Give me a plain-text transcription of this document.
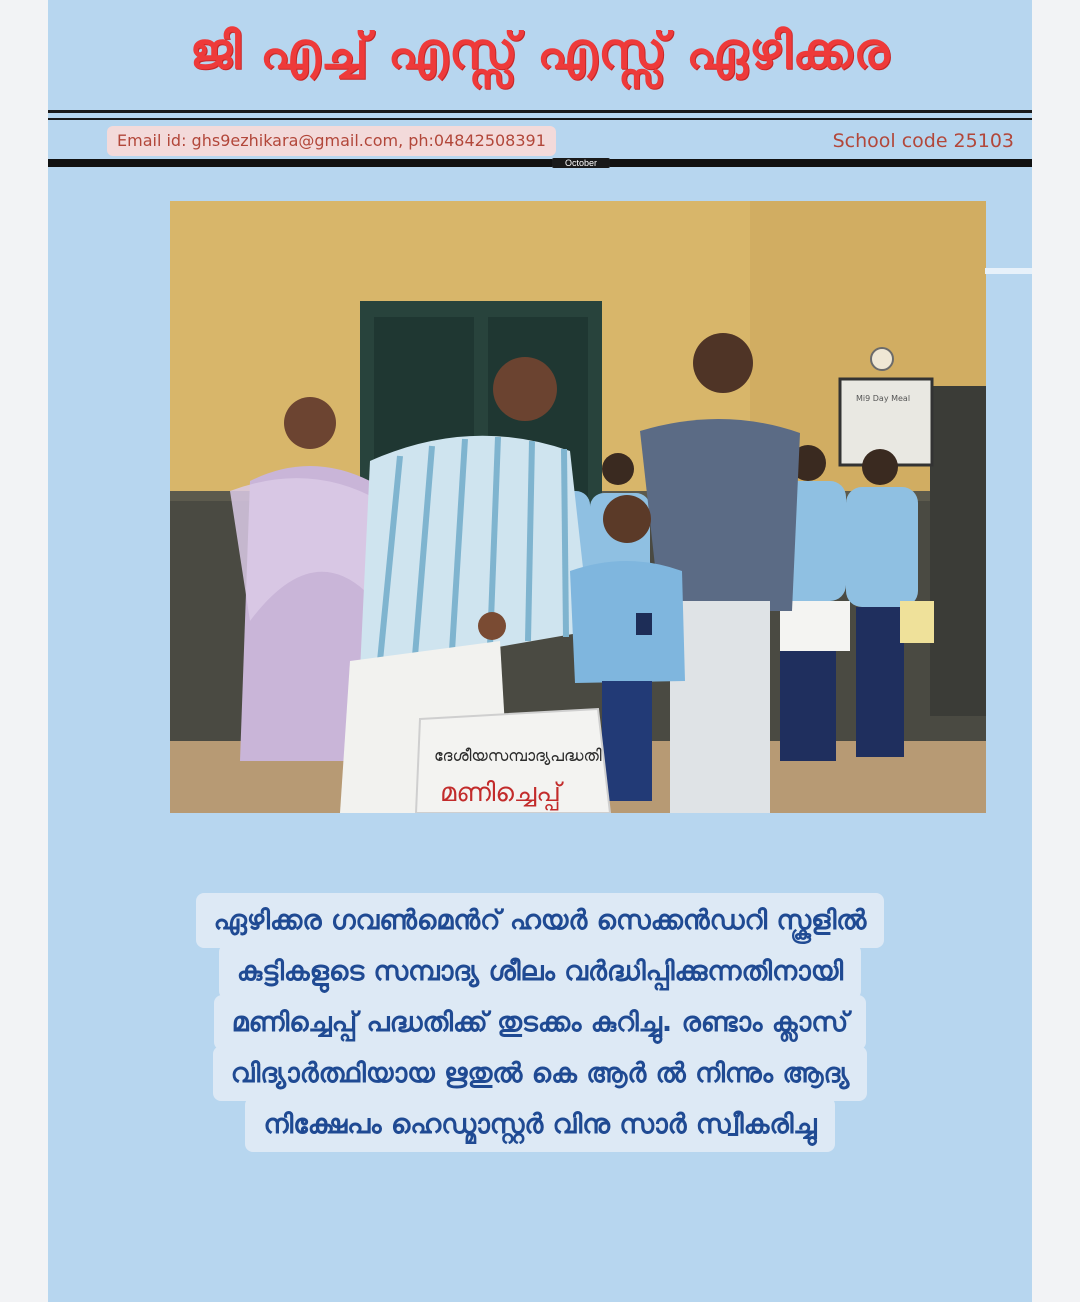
ജി എച്ച് എസ്സ് എസ്സ് ഏഴിക്കര
Email id: ghs9ezhikara@gmail.com, ph:04842508391	School code 25103
October
Mi9 Day Meal
ദേശീയസമ്പാദ്യപദ്ധതി
മണിച്ചെപ്പ്
ഏഴിക്കര ഗവൺമെൻറ് ഹയർ സെക്കൻഡറി സ്കൂളിൽ
കുട്ടികളുടെ സമ്പാദ്യ ശീലം വർദ്ധിപ്പിക്കുന്നതിനായി
മണിച്ചെപ്പ് പദ്ധതിക്ക് തുടക്കം കുറിച്ചു. രണ്ടാം ക്ലാസ്
വിദ്യാർത്ഥിയായ ഋതുൽ കെ ആർ ൽ നിന്നും ആദ്യ
നിക്ഷേപം ഹെഡ്മാസ്റ്റർ വിനു സാർ സ്വീകരിച്ചു
